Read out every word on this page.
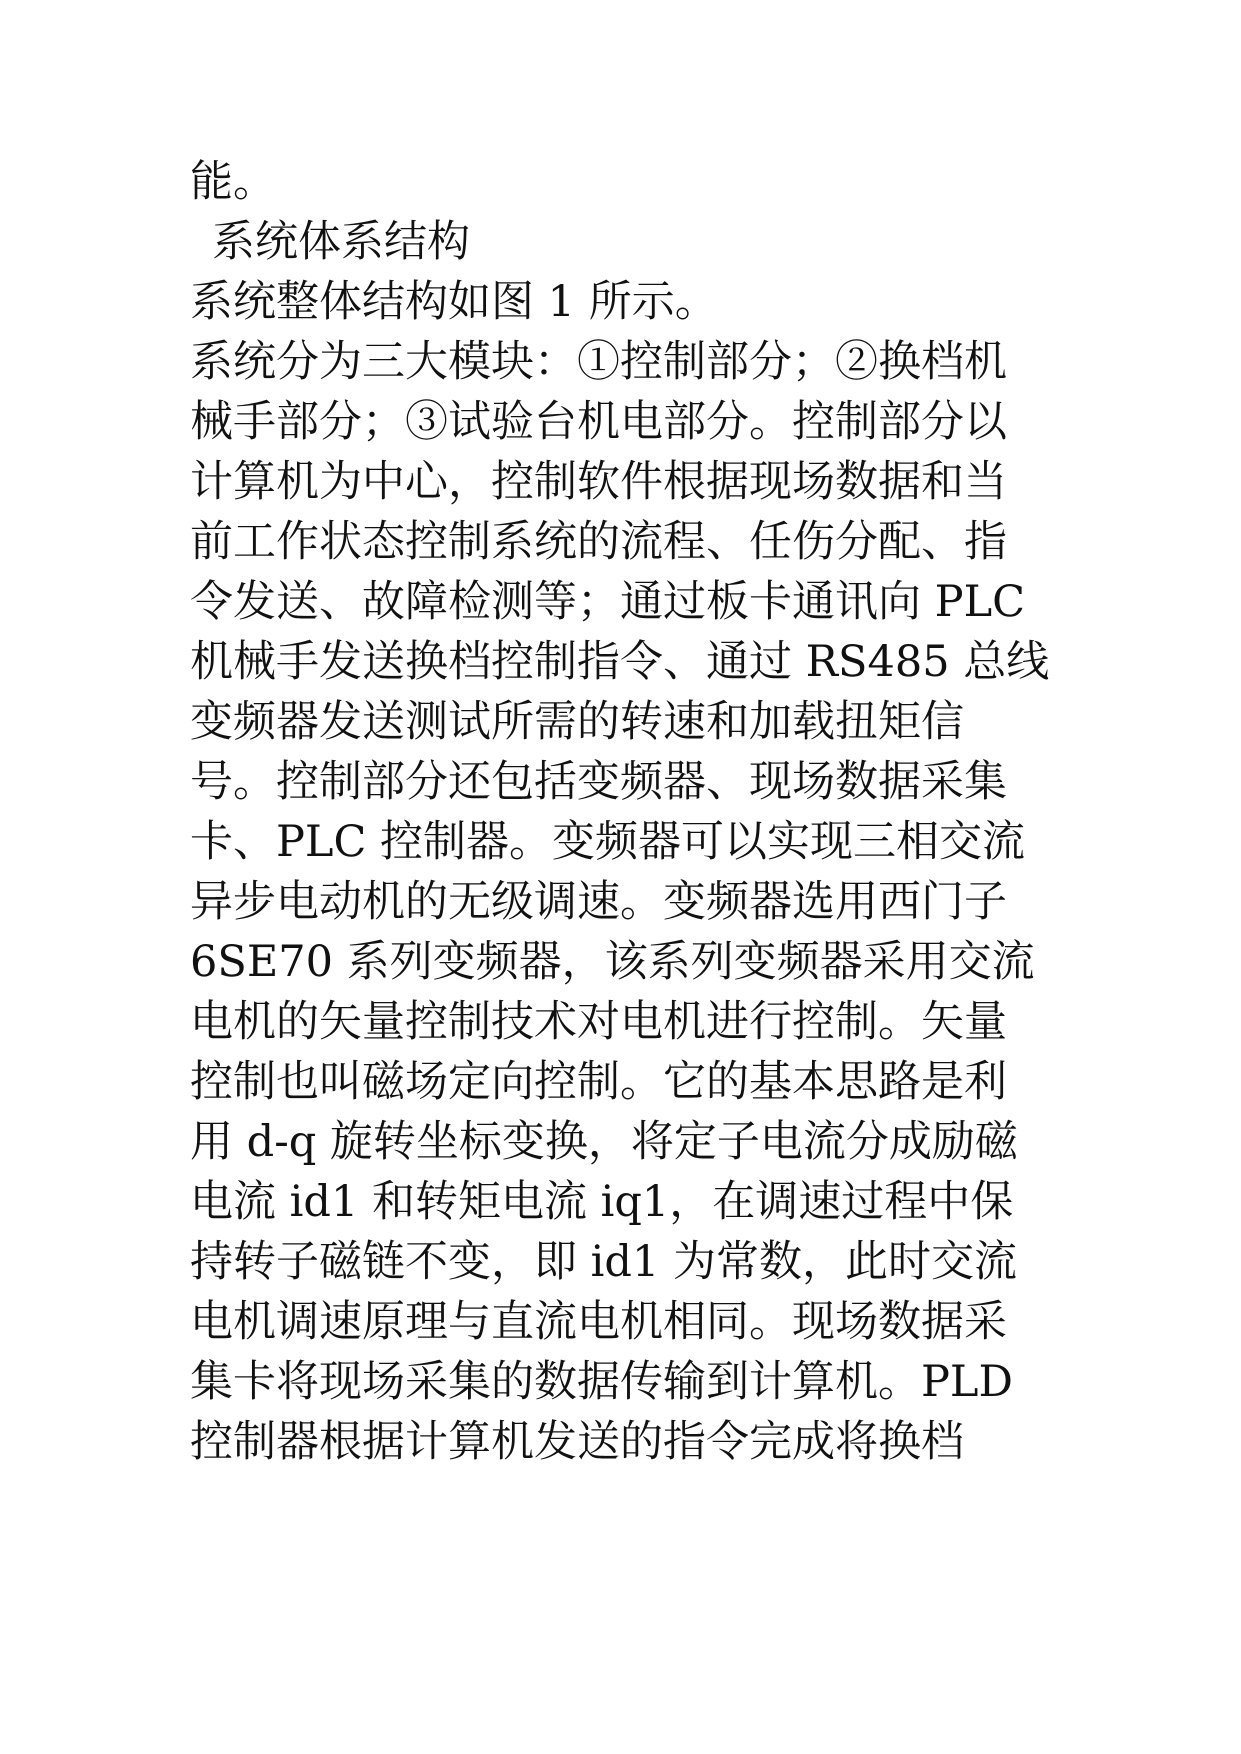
能。
系统体系结构
系统整体结构如图 1 所示。
系统分为三大模块：①控制部分；②换档机
械手部分；③试验台机电部分。控制部分以
计算机为中心，控制软件根据现场数据和当
前工作状态控制系统的流程、任伤分配、指
令发送、故障检测等；通过板卡通讯向 PLC
机械手发送换档控制指令、通过 RS485 总线
变频器发送测试所需的转速和加载扭矩信
号。控制部分还包括变频器、现场数据采集
卡、PLC 控制器。变频器可以实现三相交流
异步电动机的无级调速。变频器选用西门子
6SE70 系列变频器，该系列变频器采用交流
电机的矢量控制技术对电机进行控制。矢量
控制也叫磁场定向控制。它的基本思路是利
用 d-q 旋转坐标变换，将定子电流分成励磁
电流 id1 和转矩电流 iq1，在调速过程中保
持转子磁链不变，即 id1 为常数，此时交流
电机调速原理与直流电机相同。现场数据采
集卡将现场采集的数据传输到计算机。PLD
控制器根据计算机发送的指令完成将换档
